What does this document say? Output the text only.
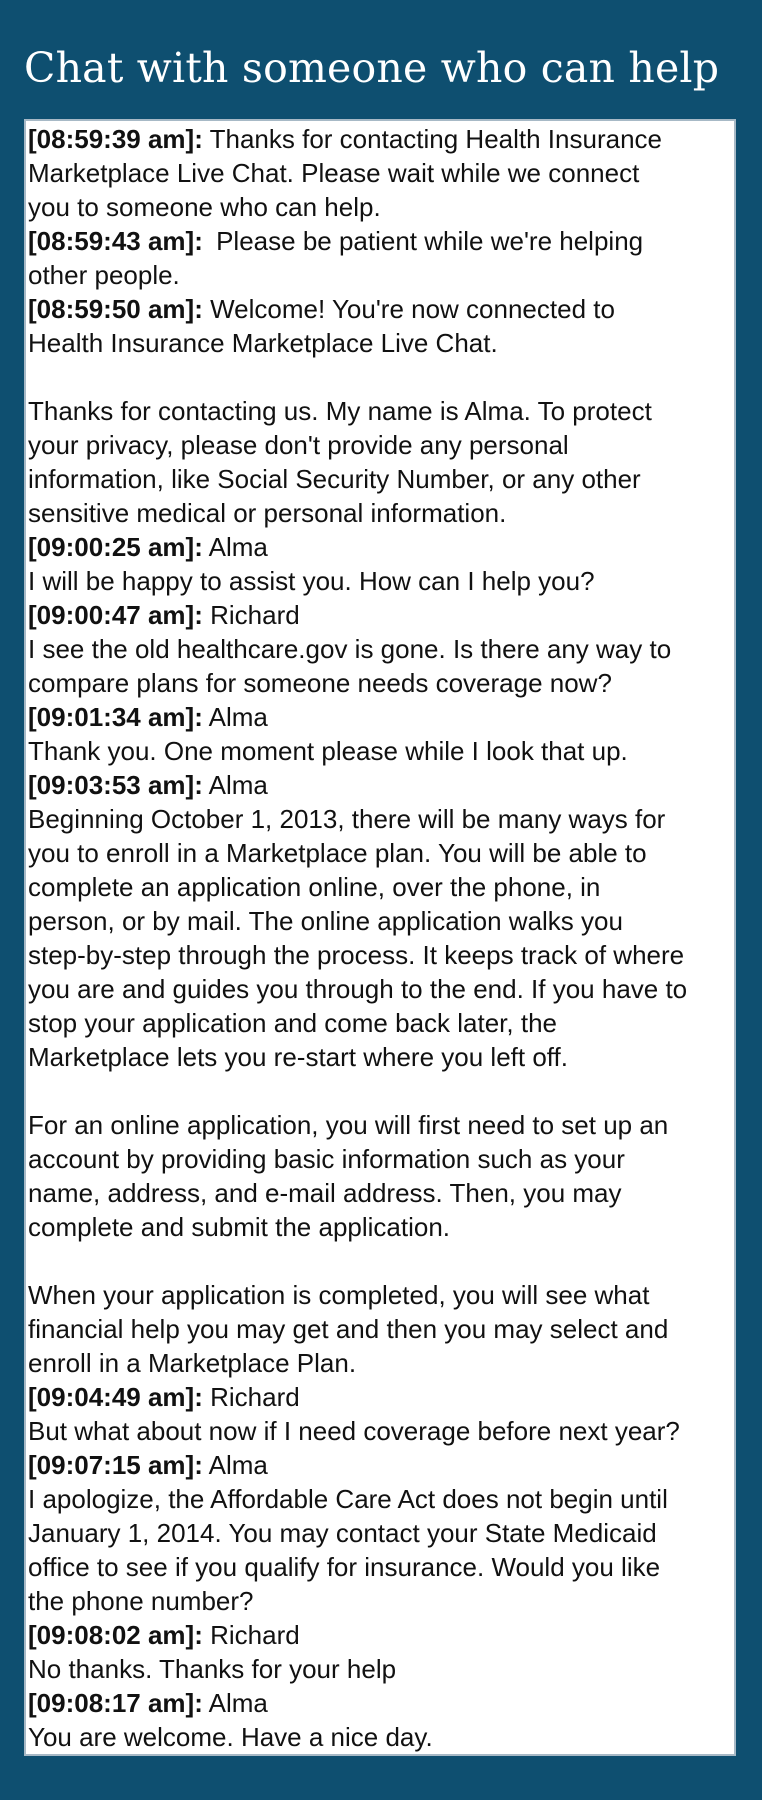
Chat with someone who can help
[08:59:39 am]: Thanks for contacting Health Insurance
Marketplace Live Chat. Please wait while we connect
you to someone who can help.
[08:59:43 am]: Please be patient while we're helping
other people.
[08:59:50 am]: Welcome! You're now connected to
Health Insurance Marketplace Live Chat.
Thanks for contacting us. My name is Alma. To protect
your privacy, please don't provide any personal
information, like Social Security Number, or any other
sensitive medical or personal information.
[09:00:25 am]: Alma
I will be happy to assist you. How can I help you?
[09:00:47 am]: Richard
I see the old healthcare.gov is gone. Is there any way to
compare plans for someone needs coverage now?
[09:01:34 am]: Alma
Thank you. One moment please while I look that up.
[09:03:53 am]: Alma
Beginning October 1, 2013, there will be many ways for
you to enroll in a Marketplace plan. You will be able to
complete an application online, over the phone, in
person, or by mail. The online application walks you
step-by-step through the process. It keeps track of where
you are and guides you through to the end. If you have to
stop your application and come back later, the
Marketplace lets you re-start where you left off.
For an online application, you will first need to set up an
account by providing basic information such as your
name, address, and e-mail address. Then, you may
complete and submit the application.
When your application is completed, you will see what
financial help you may get and then you may select and
enroll in a Marketplace Plan.
[09:04:49 am]: Richard
But what about now if I need coverage before next year?
[09:07:15 am]: Alma
I apologize, the Affordable Care Act does not begin until
January 1, 2014. You may contact your State Medicaid
office to see if you qualify for insurance. Would you like
the phone number?
[09:08:02 am]: Richard
No thanks. Thanks for your help
[09:08:17 am]: Alma
You are welcome. Have a nice day.
